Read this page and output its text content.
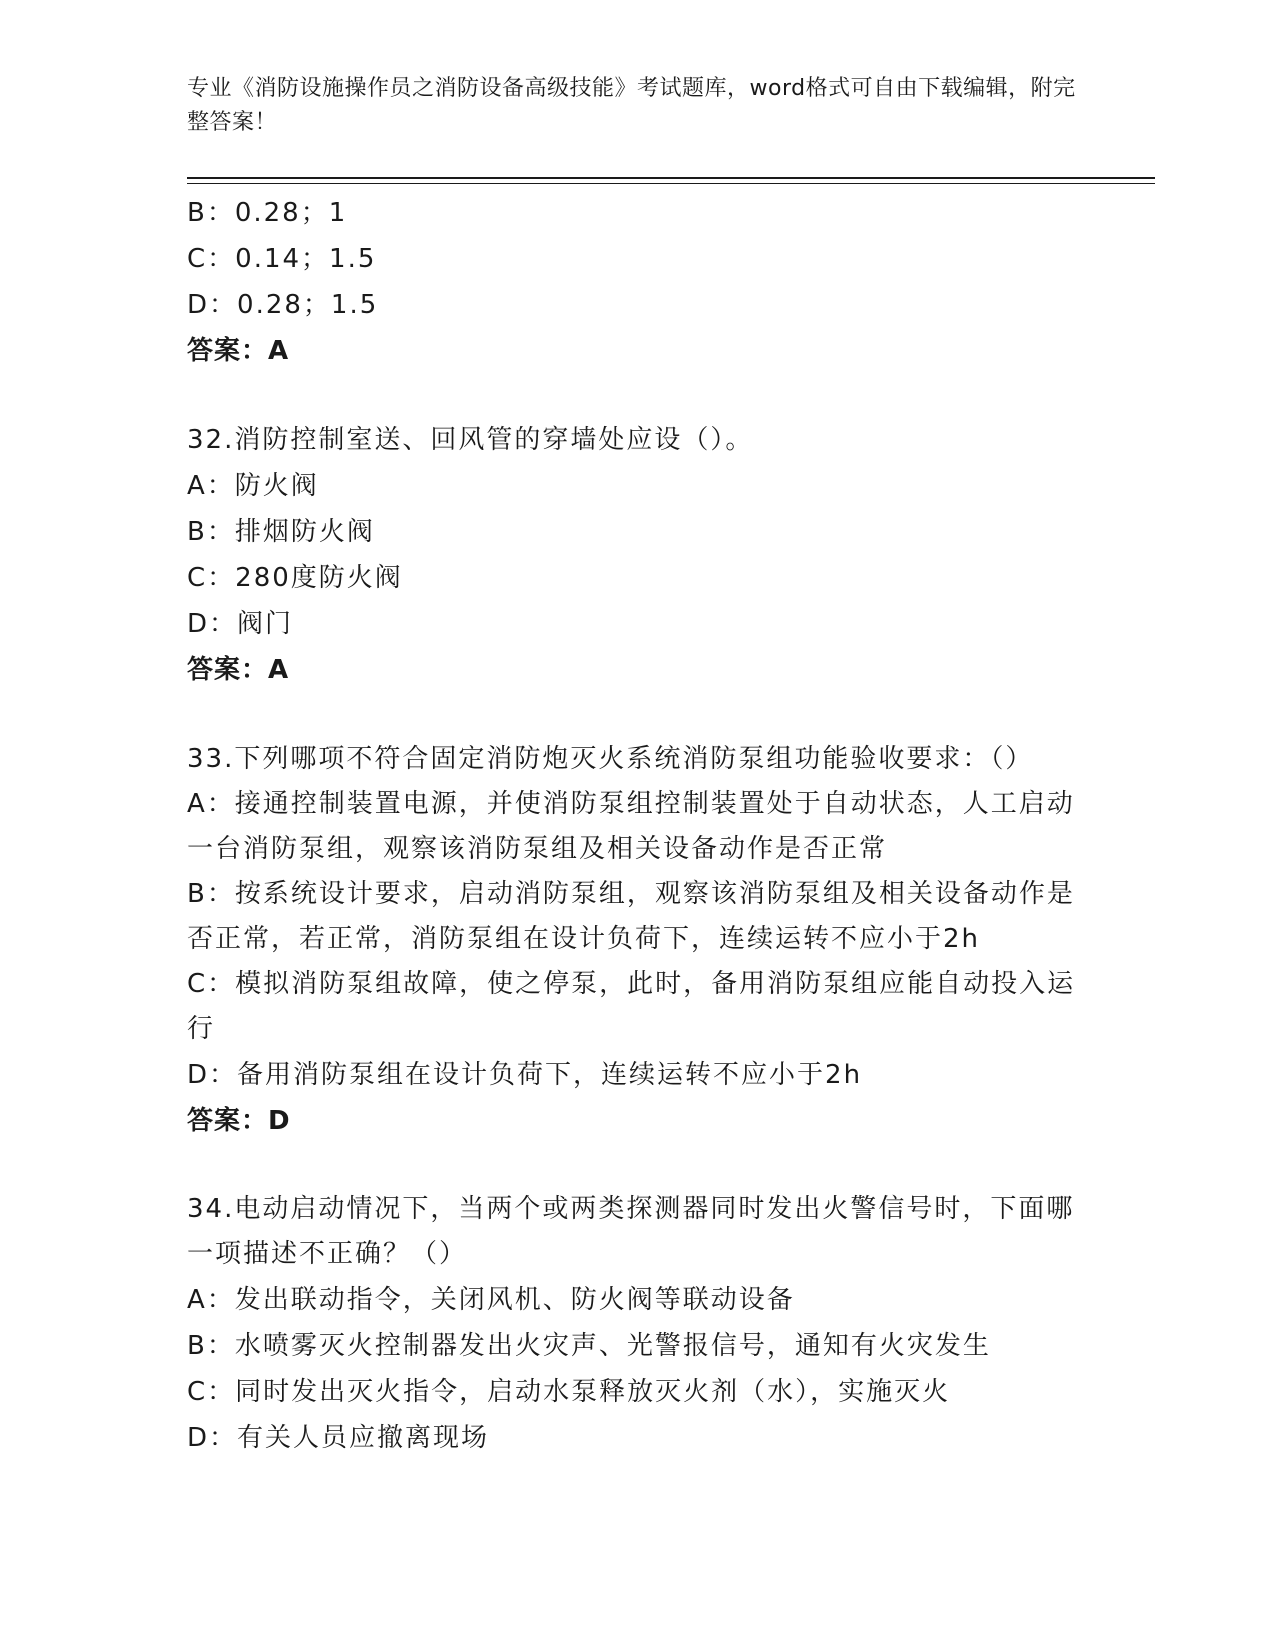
专业《消防设施操作员之消防设备高级技能》考试题库，word格式可自由下载编辑，附完整答案！
B：0.28；1
C：0.14；1.5
D：0.28；1.5
答案：A
32.消防控制室送、回风管的穿墙处应设（）。
A：防火阀
B：排烟防火阀
C：280度防火阀
D：阀门
答案：A
33.下列哪项不符合固定消防炮灭火系统消防泵组功能验收要求：（）
A：接通控制装置电源，并使消防泵组控制装置处于自动状态，人工启动一台消防泵组，观察该消防泵组及相关设备动作是否正常
B：按系统设计要求，启动消防泵组，观察该消防泵组及相关设备动作是否正常，若正常，消防泵组在设计负荷下，连续运转不应小于2h
C：模拟消防泵组故障，使之停泵，此时，备用消防泵组应能自动投入运行
D：备用消防泵组在设计负荷下，连续运转不应小于2h
答案：D
34.电动启动情况下，当两个或两类探测器同时发出火警信号时，下面哪一项描述不正确？（）
A：发出联动指令，关闭风机、防火阀等联动设备
B：水喷雾灭火控制器发出火灾声、光警报信号，通知有火灾发生
C：同时发出灭火指令，启动水泵释放灭火剂（水），实施灭火
D：有关人员应撤离现场
